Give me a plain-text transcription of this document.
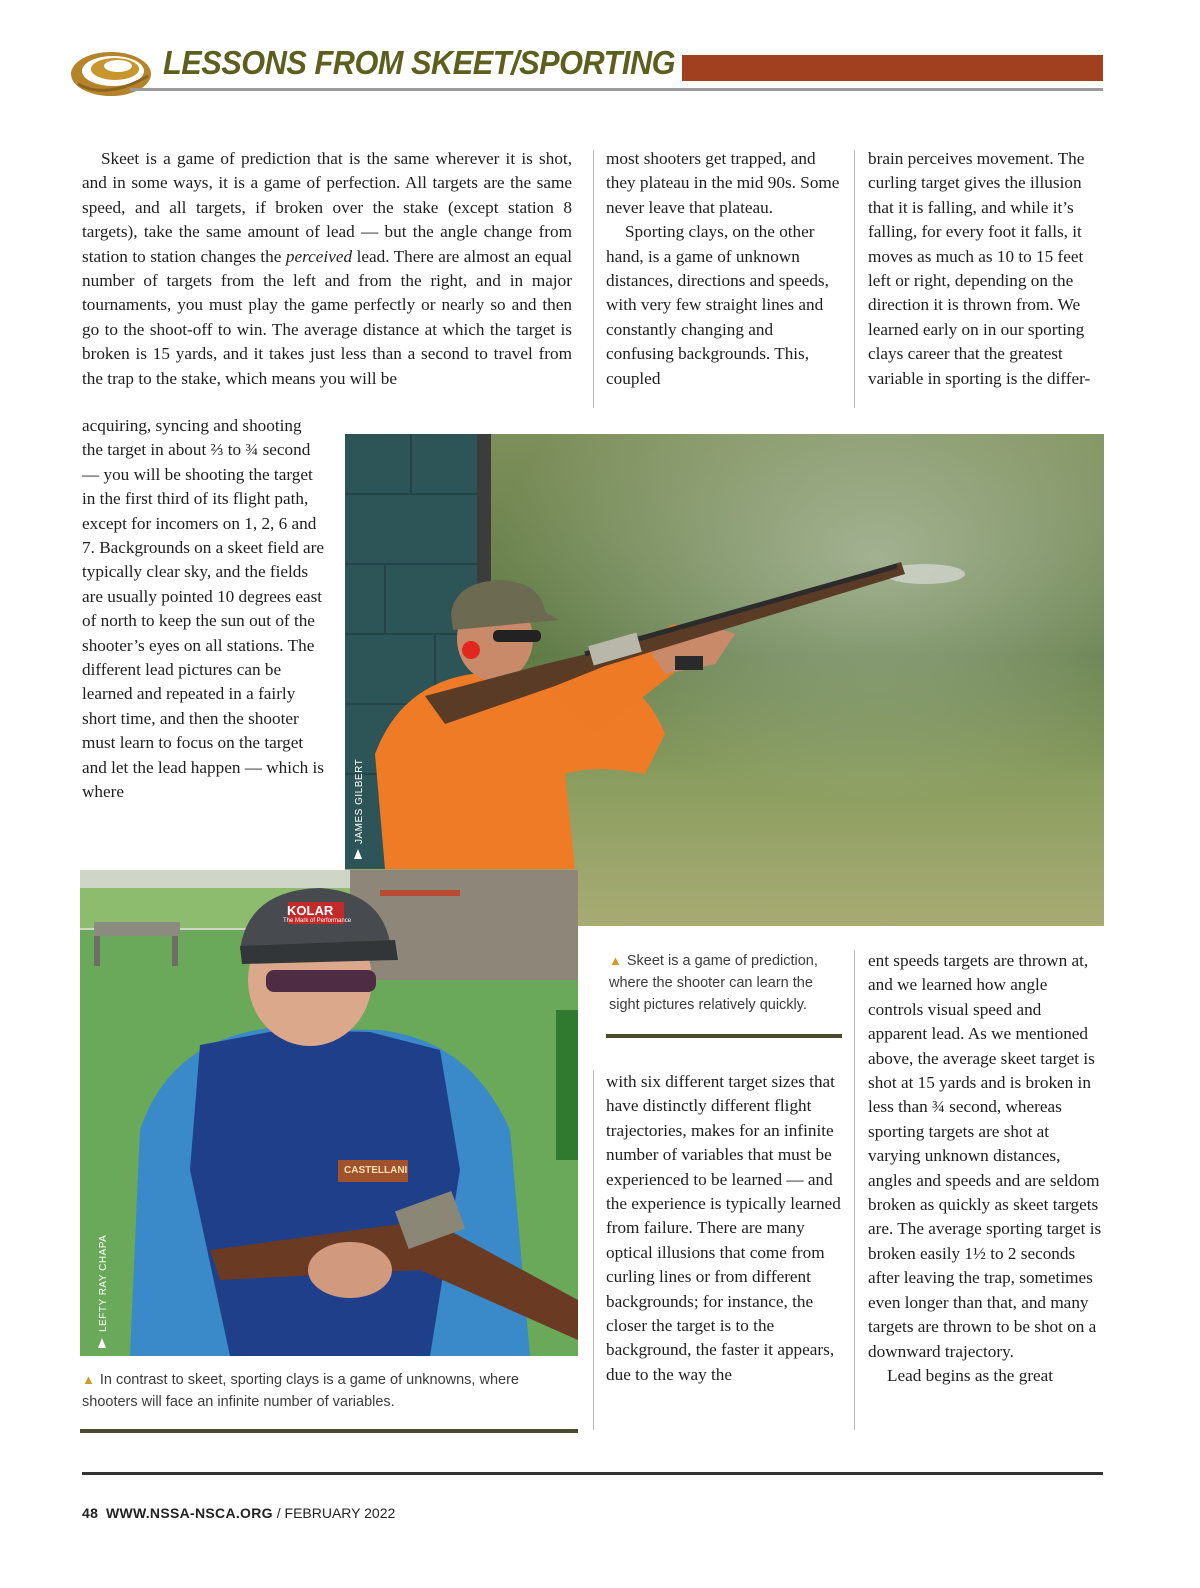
LESSONS FROM SKEET/SPORTING

Skeet is a game of prediction that is the same wherever it is shot, and in some ways, it is a game of perfection. All targets are the same speed, and all targets, if broken over the stake (except station 8 targets), take the same amount of lead — but the angle change from station to station changes the perceived lead. There are almost an equal number of targets from the left and from the right, and in major tournaments, you must play the game perfectly or nearly so and then go to the shoot-off to win. The average distance at which the target is broken is 15 yards, and it takes just less than a second to travel from the trap to the stake, which means you will be

acquiring, syncing and shooting the target in about ⅔ to ¾ second — you will be shooting the target in the first third of its flight path, except for incomers on 1, 2, 6 and 7. Backgrounds on a skeet field are typically clear sky, and the fields are usually pointed 10 degrees east of north to keep the sun out of the shooter’s eyes on all stations. The different lead pictures can be learned and repeated in a fairly short time, and then the shooter must learn to focus on the target and let the lead happen — which is where

most shooters get trapped, and they plateau in the mid 90s. Some never leave that plateau.

Sporting clays, on the other hand, is a game of unknown distances, directions and speeds, with very few straight lines and constantly changing and confusing backgrounds. This, coupled

brain perceives movement. The curling target gives the illusion that it is falling, and while it’s falling, for every foot it falls, it moves as much as 10 to 15 feet left or right, depending on the direction it is thrown from. We learned early on in our sporting clays career that the greatest variable in sporting is the differ-

JAMES GILBERT
KOLAR
The Mark of Performance
CASTELLANI
LEFTY RAY CHAPA
▲ Skeet is a game of prediction, where the shooter can learn the sight pictures relatively quickly.
▲ In contrast to skeet, sporting clays is a game of unknowns, where shooters will face an infinite number of variables.

with six different target sizes that have distinctly different flight trajectories, makes for an infinite number of variables that must be experienced to be learned — and the experience is typically learned from failure. There are many optical illusions that come from curling lines or from different backgrounds; for instance, the closer the target is to the background, the faster it appears, due to the way the

ent speeds targets are thrown at, and we learned how angle controls visual speed and apparent lead. As we mentioned above, the average skeet target is shot at 15 yards and is broken in less than ¾ second, whereas sporting targets are shot at varying unknown distances, angles and speeds and are seldom broken as quickly as skeet targets are. The average sporting target is broken easily 1½ to 2 seconds after leaving the trap, sometimes even longer than that, and many targets are thrown to be shot on a downward trajectory.

Lead begins as the great

48 WWW.NSSA-NSCA.ORG / FEBRUARY 2022
